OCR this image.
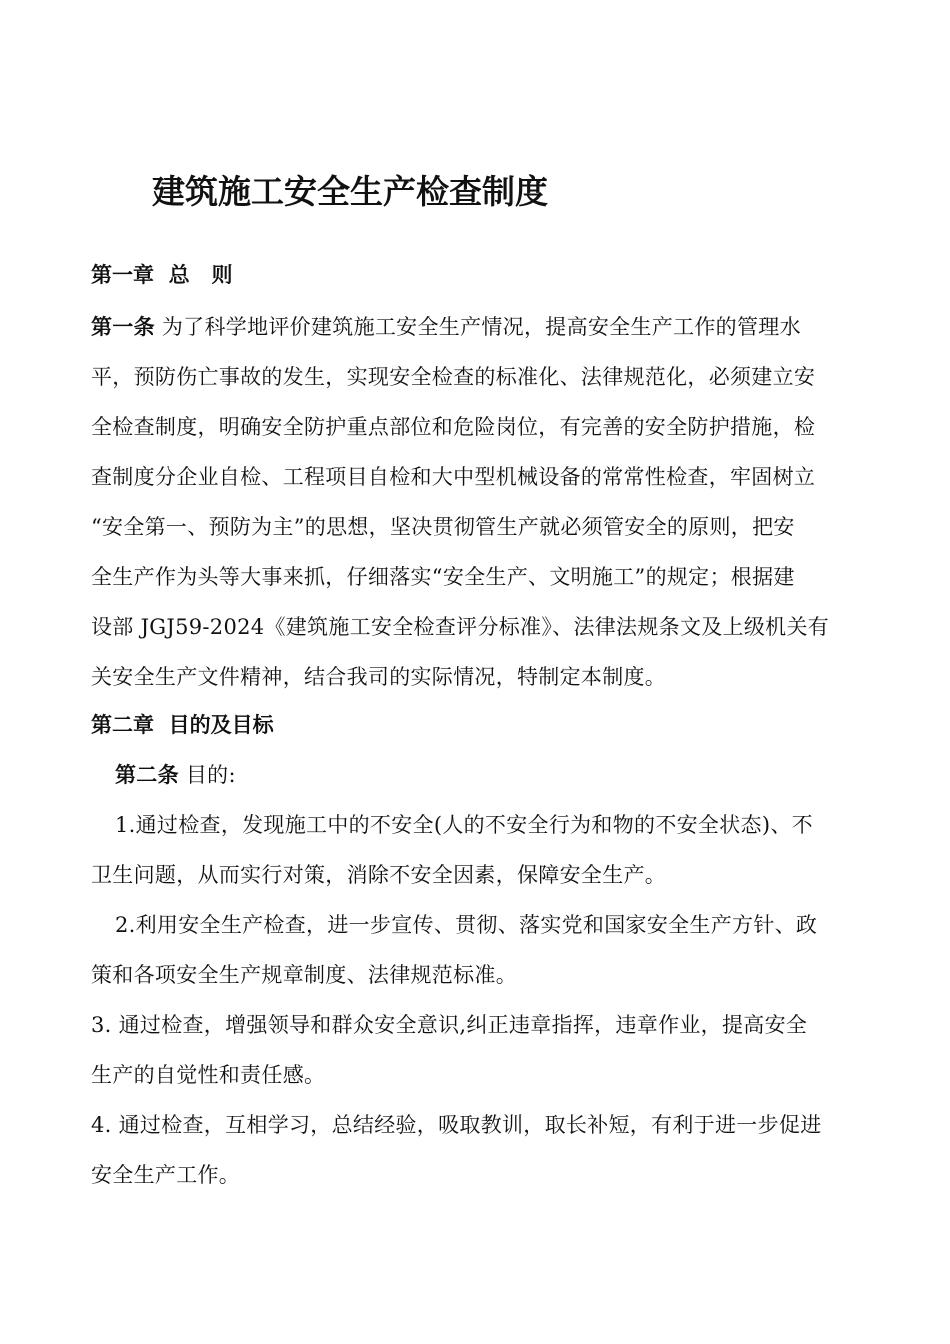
建筑施工安全生产检查制度
第一章  总   则
第一条 为了科学地评价建筑施工安全生产情况，提高安全生产工作的管理水
平，预防伤亡事故的发生，实现安全检查的标准化、法律规范化，必须建立安
全检查制度，明确安全防护重点部位和危险岗位，有完善的安全防护措施，检
查制度分企业自检、工程项目自检和大中型机械设备的常常性检查，牢固树立
“安全第一、预防为主”的思想，坚决贯彻管生产就必须管安全的原则，把安
全生产作为头等大事来抓，仔细落实“安全生产、文明施工”的规定；根据建
设部 JGJ59-2024《建筑施工安全检查评分标准》、法律法规条文及上级机关有
关安全生产文件精神，结合我司的实际情况，特制定本制度。
第二章  目的及目标
第二条 目的:
1.通过检查，发现施工中的不安全(人的不安全行为和物的不安全状态)、不
卫生问题，从而实行对策，消除不安全因素，保障安全生产。
2.利用安全生产检查，进一步宣传、贯彻、落实党和国家安全生产方针、政
策和各项安全生产规章制度、法律规范标准。
3. 通过检查，增强领导和群众安全意识,纠正违章指挥，违章作业，提高安全
生产的自觉性和责任感。
4. 通过检查，互相学习，总结经验，吸取教训，取长补短，有利于进一步促进
安全生产工作。
